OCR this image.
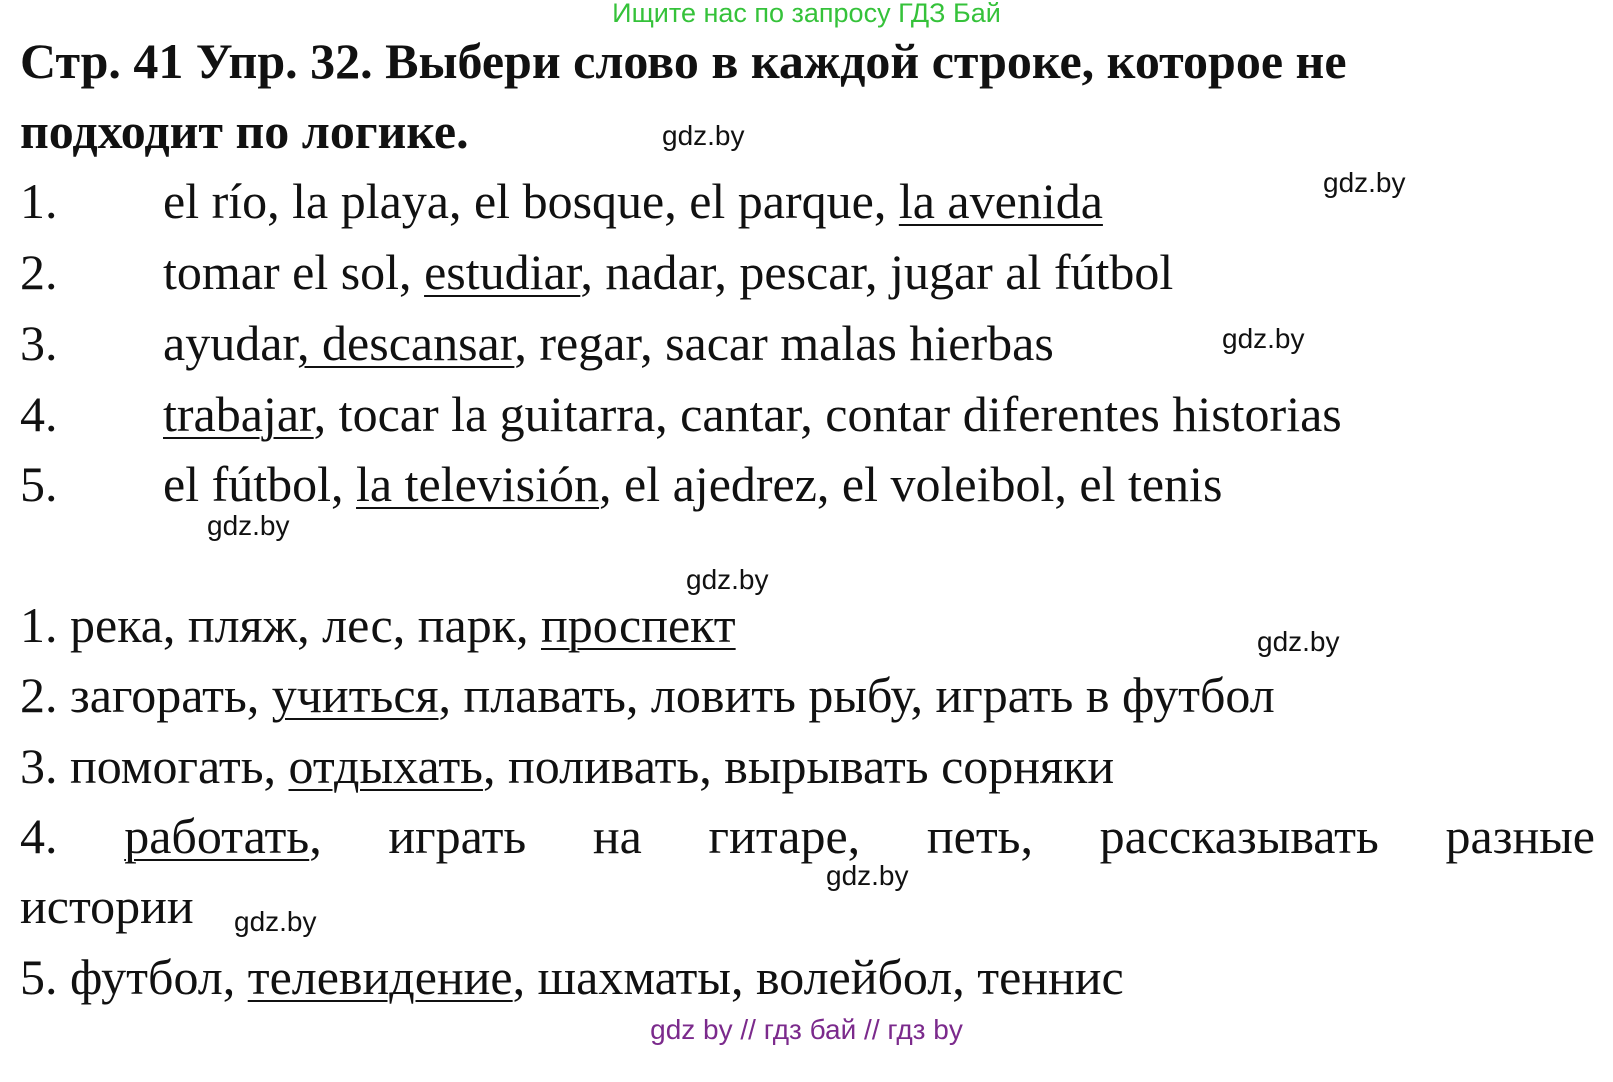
Ищите нас по запросу ГДЗ Бай
Стр. 41 Упр. 32. Выбери слово в каждой строке, которое не
подходит по логике.
1. el río, la playa, el bosque, el parque, la avenida
2. tomar el sol, estudiar, nadar, pescar, jugar al fútbol
3. ayudar, descansar, regar, sacar malas hierbas
4. trabajar, tocar la guitarra, cantar, contar diferentes historias
5. el fútbol, la televisión, el ajedrez, el voleibol, el tenis
1. река, пляж, лес, парк, проспект
2. загорать, учиться, плавать, ловить рыбу, играть в футбол
3. помогать, отдыхать, поливать, вырывать сорняки
4. работать, играть на гитаре, петь, рассказывать разные
истории
5. футбол, телевидение, шахматы, волейбол, теннис
gdz.by
gdz.by
gdz.by
gdz.by
gdz.by
gdz.by
gdz.by
gdz.by
gdz by // гдз бай // гдз by
